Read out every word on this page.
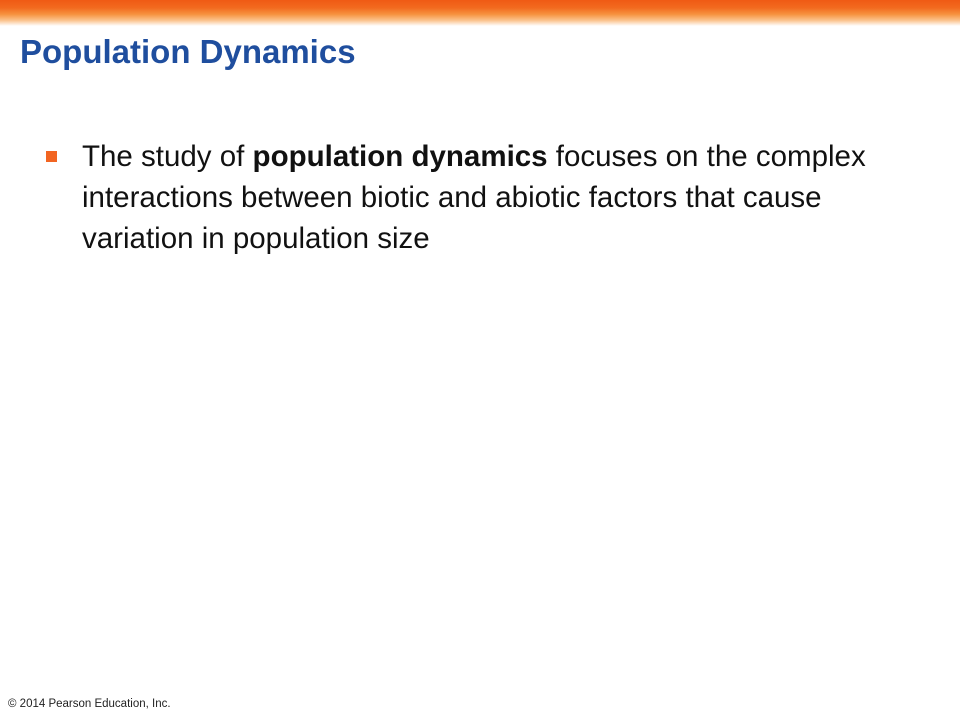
Population Dynamics
The study of population dynamics focuses on the complex interactions between biotic and abiotic factors that cause variation in population size
© 2014 Pearson Education, Inc.
